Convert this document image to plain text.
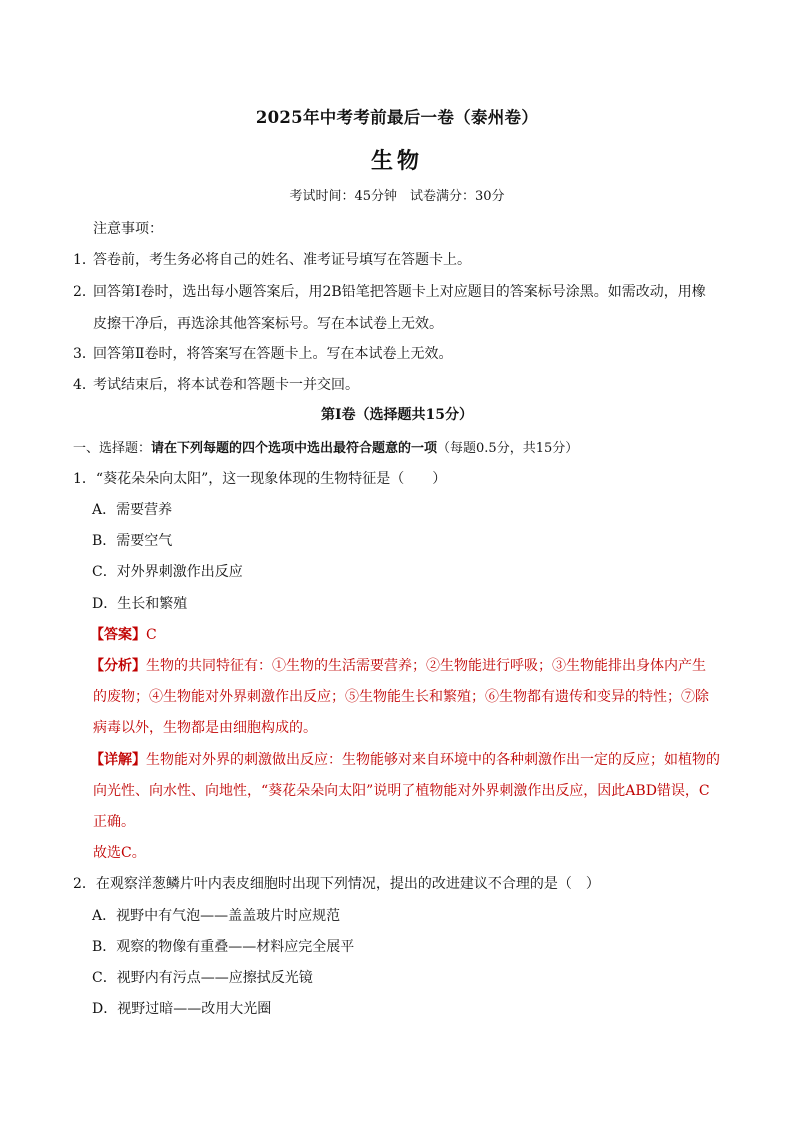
2025年中考考前最后一卷（泰州卷）
生物
考试时间：45分钟　试卷满分：30分
注意事项：
1．答卷前，考生务必将自己的姓名、准考证号填写在答题卡上。
2．回答第Ⅰ卷时，选出每小题答案后，用2B铅笔把答题卡上对应题目的答案标号涂黑。如需改动，用橡
皮擦干净后，再选涂其他答案标号。写在本试卷上无效。
3．回答第Ⅱ卷时，将答案写在答题卡上。写在本试卷上无效。
4．考试结束后，将本试卷和答题卡一并交回。
第Ⅰ卷（选择题共15分）
一、选择题：请在下列每题的四个选项中选出最符合题意的一项（每题0.5分，共15分）
1．“葵花朵朵向太阳”，这一现象体现的生物特征是（　　）
A．需要营养
B．需要空气
C．对外界刺激作出反应
D．生长和繁殖
【答案】C
【分析】生物的共同特征有：①生物的生活需要营养；②生物能进行呼吸；③生物能排出身体内产生
的废物；④生物能对外界刺激作出反应；⑤生物能生长和繁殖；⑥生物都有遗传和变异的特性；⑦除
病毒以外，生物都是由细胞构成的。
【详解】生物能对外界的刺激做出反应：生物能够对来自环境中的各种刺激作出一定的反应；如植物的
向光性、向水性、向地性，“葵花朵朵向太阳”说明了植物能对外界刺激作出反应，因此ABD错误，C
正确。
故选C。
2．在观察洋葱鳞片叶内表皮细胞时出现下列情况，提出的改进建议不合理的是（　）
A．视野中有气泡——盖盖玻片时应规范
B．观察的物像有重叠——材料应完全展平
C．视野内有污点——应擦拭反光镜
D．视野过暗——改用大光圈
